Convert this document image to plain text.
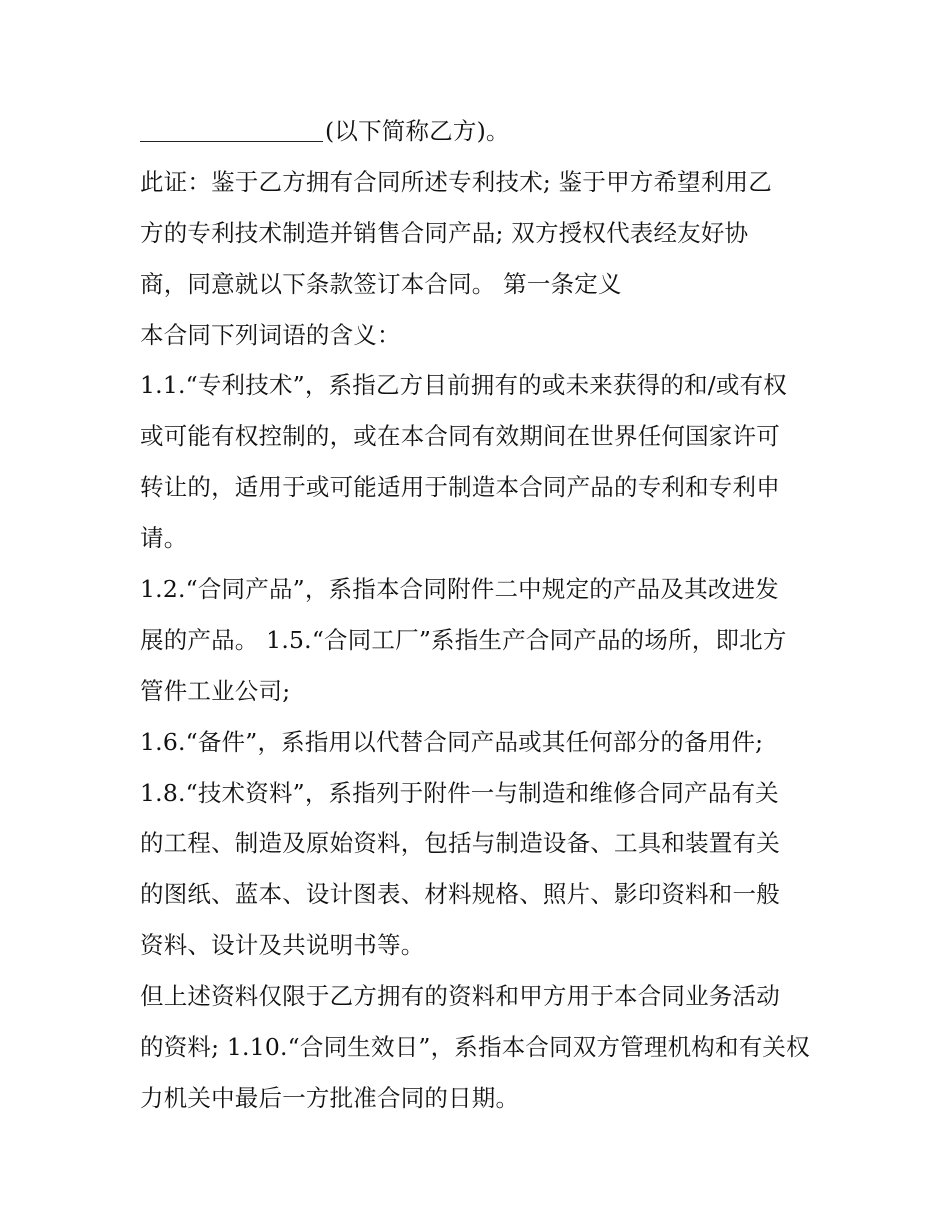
(以下简称乙方)。
此证：鉴于乙方拥有合同所述专利技术; 鉴于甲方希望利用乙
方的专利技术制造并销售合同产品; 双方授权代表经友好协
商，同意就以下条款签订本合同。 第一条定义
本合同下列词语的含义：
1.1.“专利技术”，系指乙方目前拥有的或未来获得的和/或有权
或可能有权控制的，或在本合同有效期间在世界任何国家许可
转让的，适用于或可能适用于制造本合同产品的专利和专利申
请。
1.2.“合同产品”，系指本合同附件二中规定的产品及其改进发
展的产品。 1.5.“合同工厂”系指生产合同产品的场所，即北方
管件工业公司;
1.6.“备件”，系指用以代替合同产品或其任何部分的备用件;
1.8.“技术资料”，系指列于附件一与制造和维修合同产品有关
的工程、制造及原始资料，包括与制造设备、工具和装置有关
的图纸、蓝本、设计图表、材料规格、照片、影印资料和一般
资料、设计及共说明书等。
但上述资料仅限于乙方拥有的资料和甲方用于本合同业务活动
的资料; 1.10.“合同生效日”，系指本合同双方管理机构和有关权
力机关中最后一方批准合同的日期。
